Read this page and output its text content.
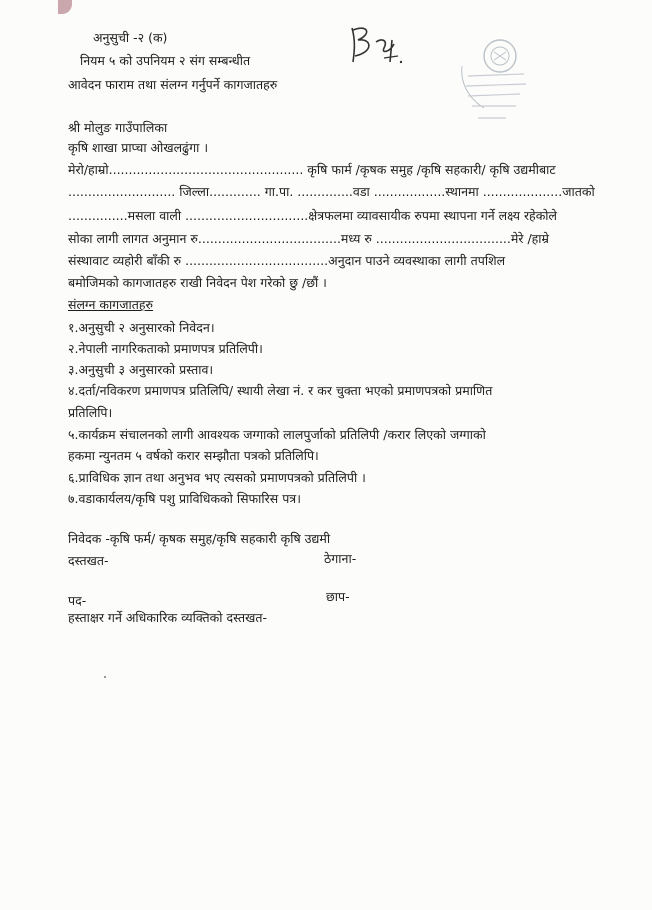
अनुसुची -२ (क)
नियम ५ को उपनियम २ संग सम्बन्धीत
आवेदन फाराम तथा संलग्न गर्नुपर्ने कागजातहरु
श्री मोलुङ गाउँपालिका
कृषि शाखा प्राप्चा ओखलढुंगा ।
मेरो/हाम्रो................................................. कृषि फार्म /कृषक समुह /कृषि सहकारी/ कृषि उद्यमीबाट
........................... जिल्ला............. गा.पा. ..............वडा ..................स्थानमा ....................जातको
...............मसला वाली ...............................क्षेत्रफलमा व्यावसायीक रुपमा स्थापना गर्ने लक्ष्य रहेकोले
सोका लागी लागत अनुमान रु....................................मध्य रु ..................................मेरे /हाम्रे
संस्थावाट व्यहोरी बाँकी रु ....................................अनुदान पाउने व्यवस्थाका लागी तपशिल
बमोजिमको कागजातहरु राखी निवेदन पेश गरेको छु /छौं ।
संलग्न कागजातहरु
१.अनुसुची २ अनुसारको निवेदन।
२.नेपाली नागरिकताको प्रमाणपत्र प्रतिलिपी।
३.अनुसुची ३ अनुसारको प्रस्ताव।
४.दर्ता/नविकरण प्रमाणपत्र प्रतिलिपि/ स्थायी लेखा नं. र कर चुक्ता भएको प्रमाणपत्रको प्रमाणित
प्रतिलिपि।
५.कार्यक्रम संचालनको लागी आवश्यक जग्गाको लालपुर्जाको प्रतिलिपी /करार लिएको जग्गाको
हकमा न्युनतम ५ वर्षको करार सम्झौता पत्रको प्रतिलिपि।
६.प्राविधिक ज्ञान तथा अनुभव भए त्यसको प्रमाणपत्रको प्रतिलिपी ।
७.वडाकार्यलय/कृषि पशु प्राविधिकको सिफारिस पत्र।
निवेदक -कृषि फर्म/ कृषक समुह/कृषि सहकारी कृषि उद्यमी
दस्तखत-	ठेगाना-
पद-	छाप-
हस्ताक्षर गर्ने अधिकारिक व्यक्तिको दस्तखत-
